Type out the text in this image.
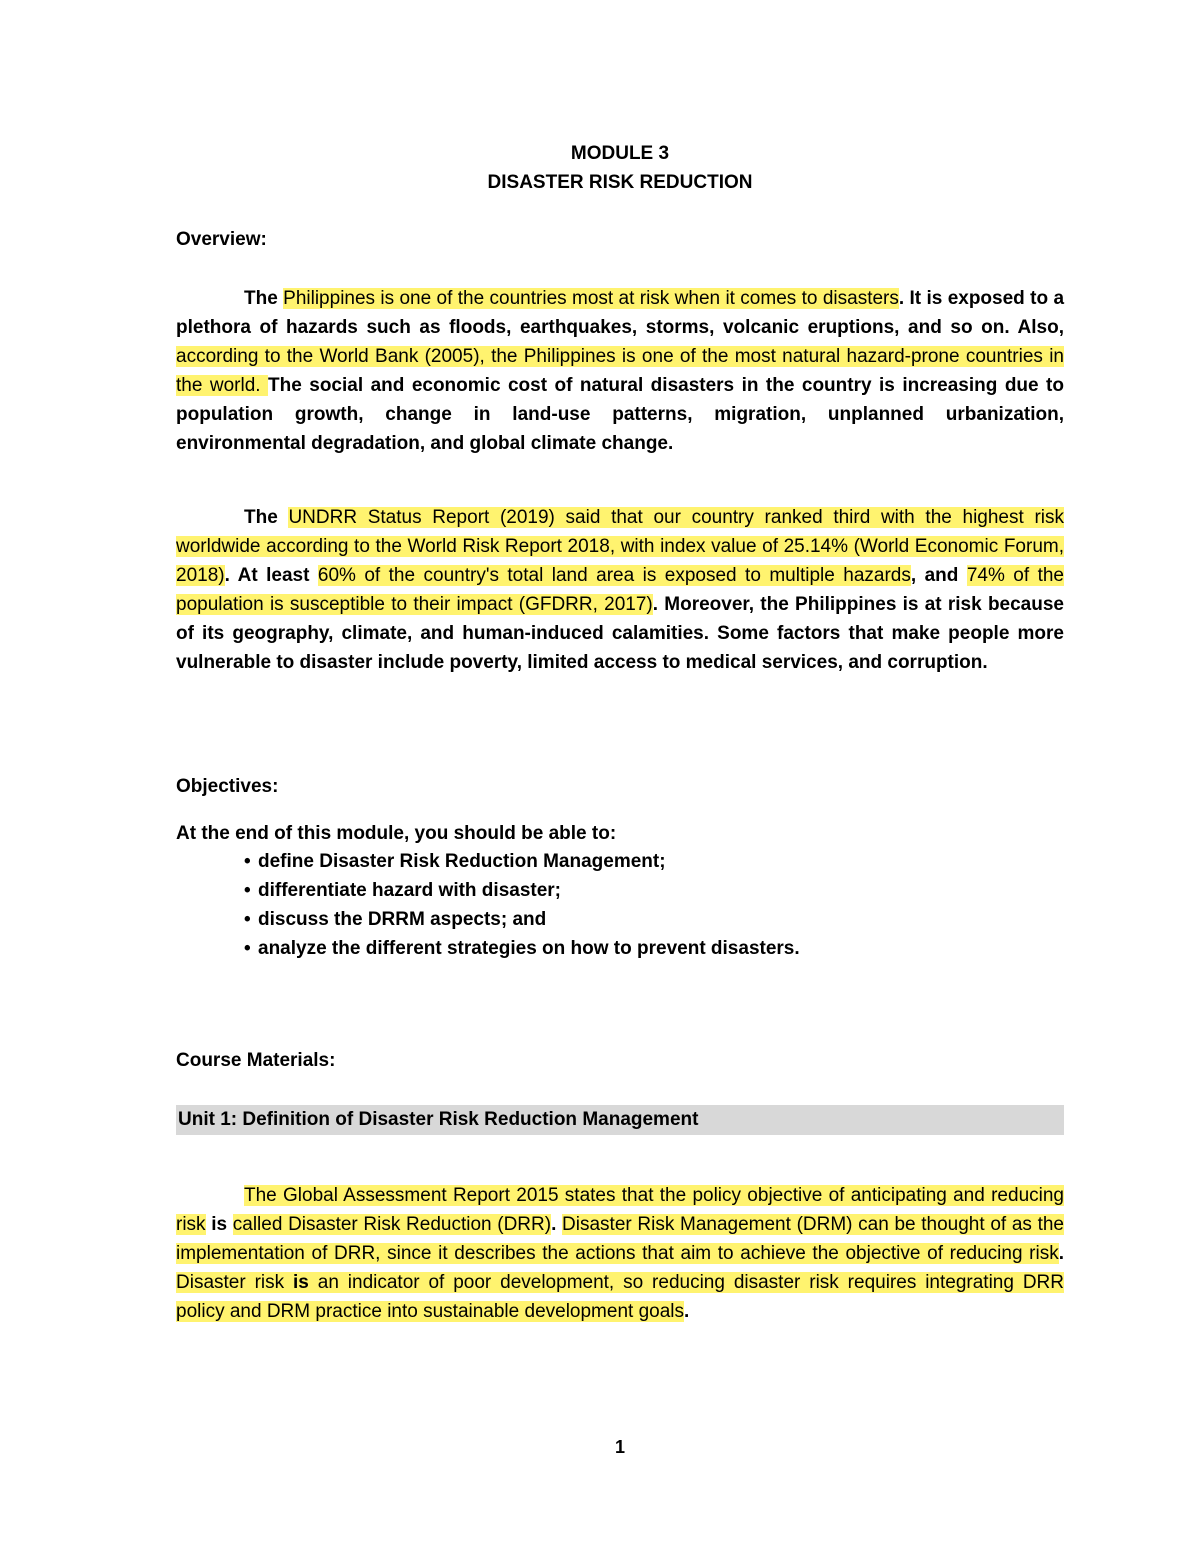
MODULE 3
DISASTER RISK REDUCTION
Overview:
The Philippines is one of the countries most at risk when it comes to disasters. It is exposed to a plethora of hazards such as floods, earthquakes, storms, volcanic eruptions, and so on. Also, according to the World Bank (2005), the Philippines is one of the most natural hazard-prone countries in the world. The social and economic cost of natural disasters in the country is increasing due to population growth, change in land-use patterns, migration, unplanned urbanization, environmental degradation, and global climate change.
The UNDRR Status Report (2019) said that our country ranked third with the highest risk worldwide according to the World Risk Report 2018, with index value of 25.14% (World Economic Forum, 2018). At least 60% of the country's total land area is exposed to multiple hazards, and 74% of the population is susceptible to their impact (GFDRR, 2017). Moreover, the Philippines is at risk because of its geography, climate, and human-induced calamities. Some factors that make people more vulnerable to disaster include poverty, limited access to medical services, and corruption.
Objectives:
At the end of this module, you should be able to:
• define Disaster Risk Reduction Management;
• differentiate hazard with disaster;
• discuss the DRRM aspects; and
• analyze the different strategies on how to prevent disasters.
Course Materials:
Unit 1: Definition of Disaster Risk Reduction Management
The Global Assessment Report 2015 states that the policy objective of anticipating and reducing risk is called Disaster Risk Reduction (DRR). Disaster Risk Management (DRM) can be thought of as the implementation of DRR, since it describes the actions that aim to achieve the objective of reducing risk. Disaster risk is an indicator of poor development, so reducing disaster risk requires integrating DRR policy and DRM practice into sustainable development goals.
1
